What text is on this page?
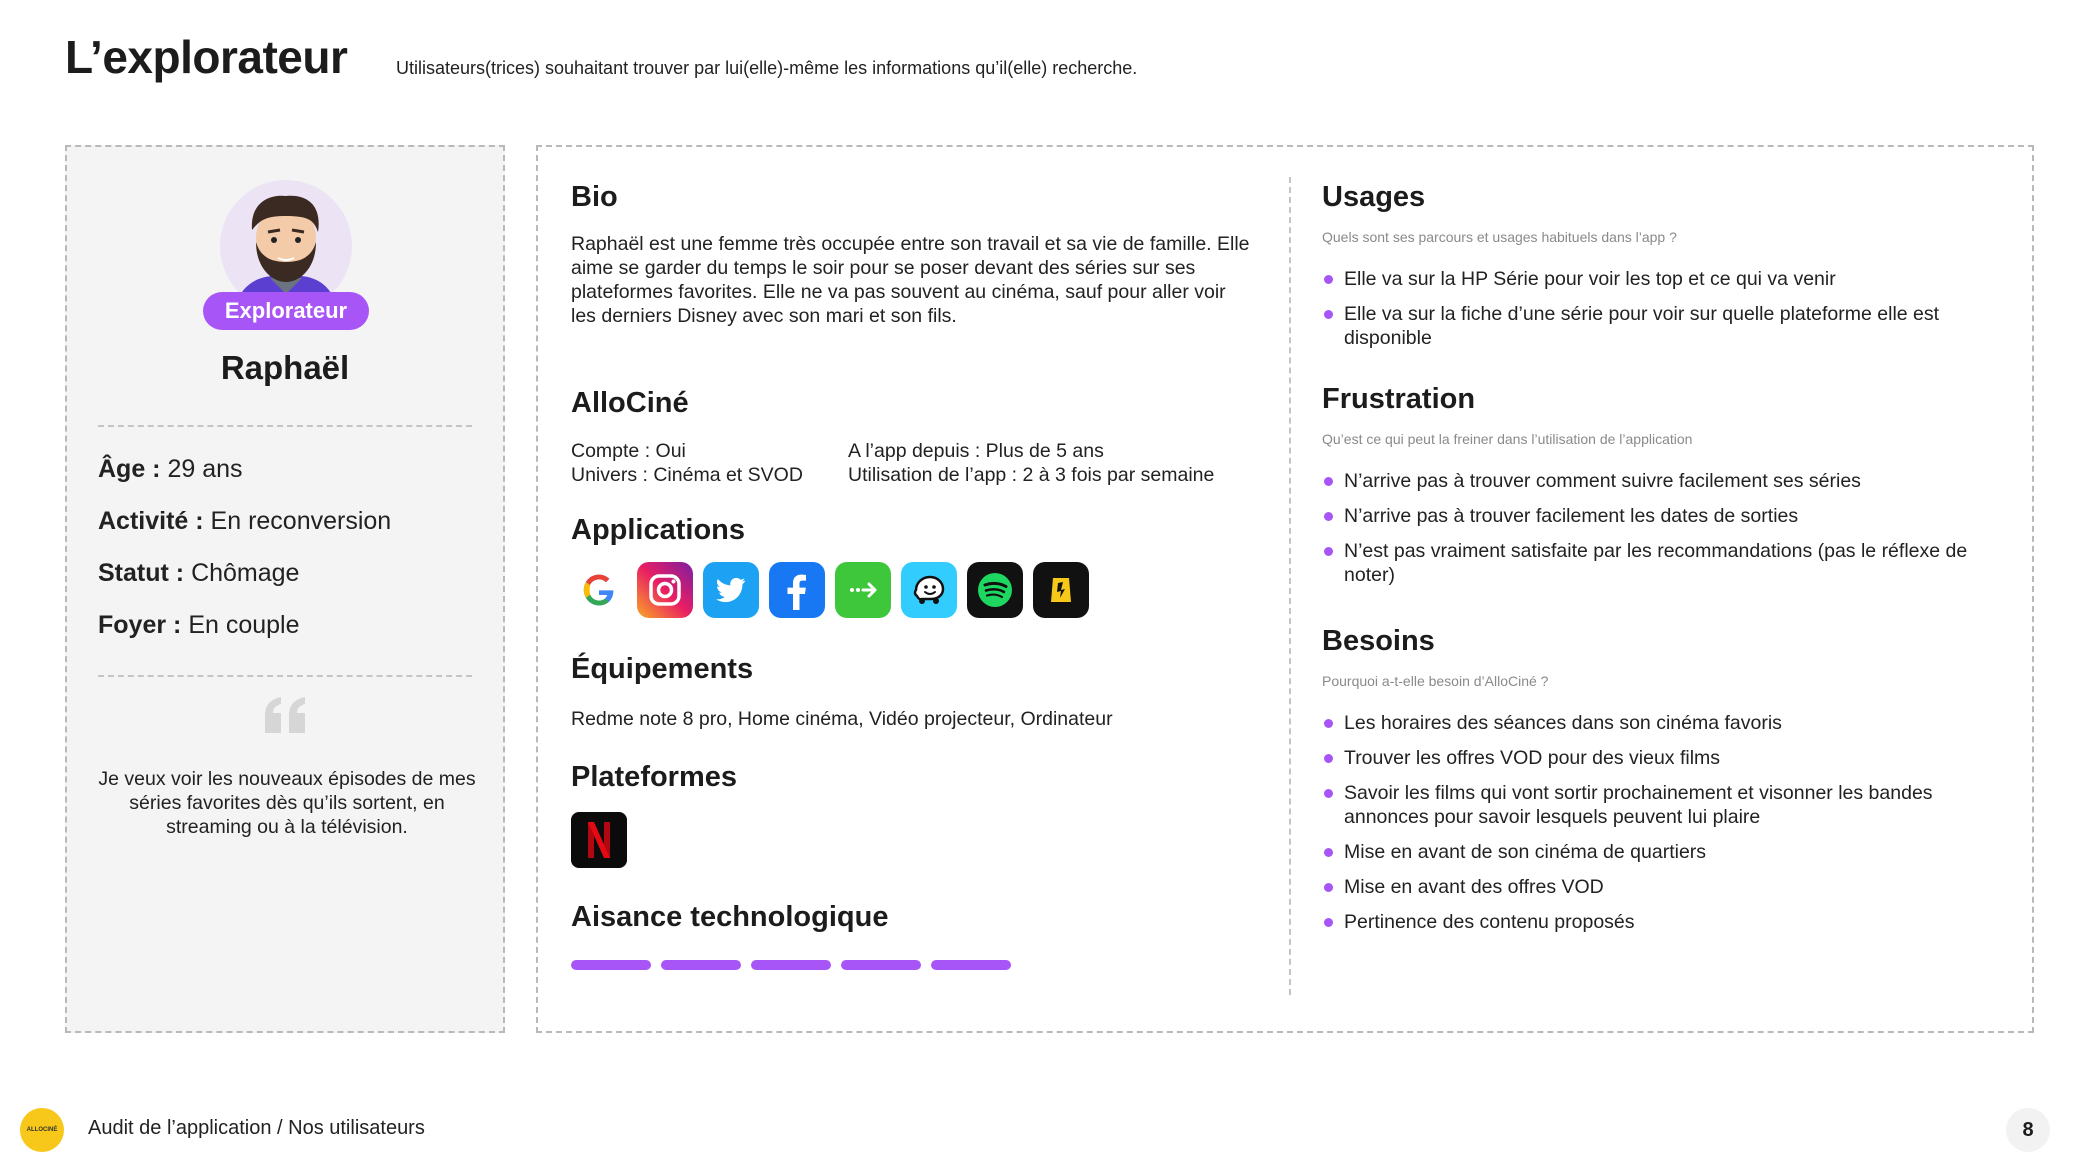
L’explorateur	Utilisateurs(trices) souhaitant trouver par lui(elle)-même les informations qu’il(elle) recherche.
Explorateur
Raphaël
Âge : 29 ans
Activité : En reconversion
Statut : Chômage
Foyer : En couple
Je veux voir les nouveaux épisodes de mes séries favorites dès qu’ils sortent, en streaming ou à la télévision.
Bio
Raphaël est une femme très occupée entre son travail et sa vie de famille. Elle aime se garder du temps le soir pour se poser devant des séries sur ses plateformes favorites. Elle ne va pas souvent au cinéma, sauf pour aller voir les derniers Disney avec son mari et son fils.
AlloCiné
Compte : Oui
Univers : Cinéma et SVOD
A l’app depuis : Plus de 5 ans
Utilisation de l’app : 2 à 3 fois par semaine
Applications
Équipements
Redme note 8 pro, Home cinéma, Vidéo projecteur, Ordinateur
Plateformes
Aisance technologique
Usages
Quels sont ses parcours et usages habituels dans l’app ?
Elle va sur la HP Série pour voir les top et ce qui va venir
Elle va sur la fiche d’une série pour voir sur quelle plateforme elle est disponible
Frustration
Qu’est ce qui peut la freiner dans l’utilisation de l’application
N’arrive pas à trouver comment suivre facilement ses séries
N’arrive pas à trouver facilement les dates de sorties
N’est pas vraiment satisfaite par les recommandations (pas le réflexe de noter)
Besoins
Pourquoi a-t-elle besoin d’AlloCiné ?
Les horaires des séances dans son cinéma favoris
Trouver les offres VOD pour des vieux films
Savoir les films qui vont sortir prochainement et visonner les bandes annonces pour savoir lesquels peuvent lui plaire
Mise en avant de son cinéma de quartiers
Mise en avant des offres VOD
Pertinence des contenu proposés
ALLOCINÉ Audit de l’application / Nos utilisateurs	8
